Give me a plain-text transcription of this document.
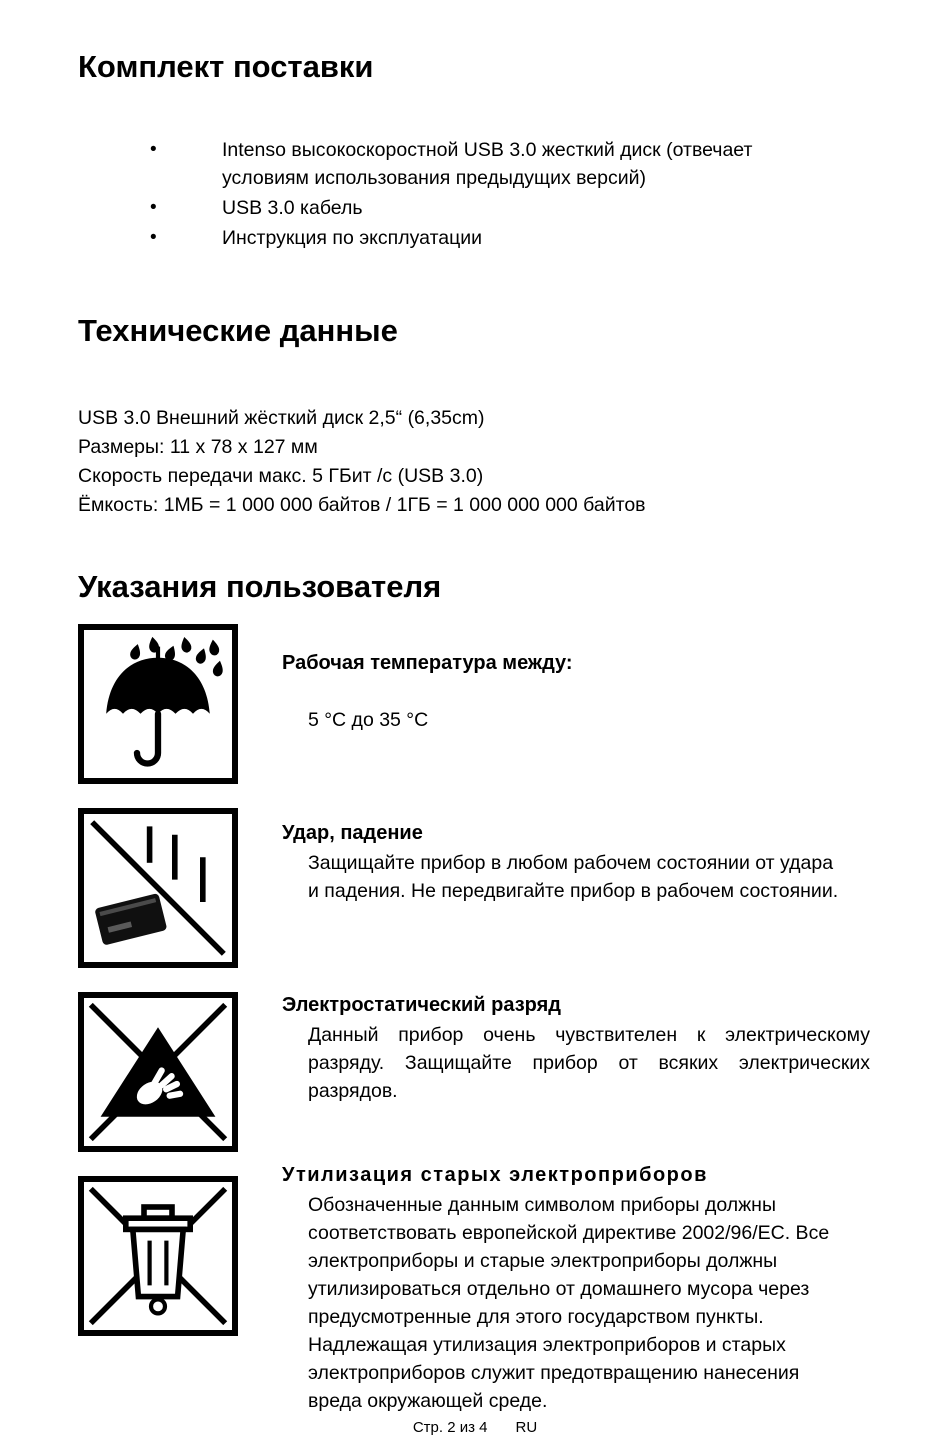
Комплект поставки
•	Intenso высокоскоростной USB 3.0 жесткий диск (отвечает условиям использования предыдущих версий)
•	USB 3.0 кабель
•	Инструкция по эксплуатации
Технические данные
USB 3.0 Внешний жёсткий диск 2,5“ (6,35cm)
Размеры: 11 x 78 x 127 мм
Скорость передачи макс. 5 ГБит /с (USB 3.0)
Ёмкость: 1МБ = 1 000 000 байтов / 1ГБ = 1 000 000 000 байтов
Указания пользователя

Рабочая температура между:

5 °C до 35 °C

Удар, падение

Защищайте прибор в любом рабочем состоянии от удара и падения. Не передвигайте прибор в рабочем состоянии.

Электростатический разряд

Данный прибор очень чувствителен к электрическому разряду. Защищайте прибор от всяких электрических разрядов.

Утилизация старых электроприборов

Обозначенные данным символом приборы должны соответствовать европейской директиве 2002/96/EC. Все электроприборы и старые электроприборы должны утилизироваться отдельно от домашнего мусора через предусмотренные для этого государством пункты. Надлежащая утилизация электроприборов и старых электроприборов служит предотвращению нанесения вреда окружающей среде.

Стр. 2 из 4 RU
